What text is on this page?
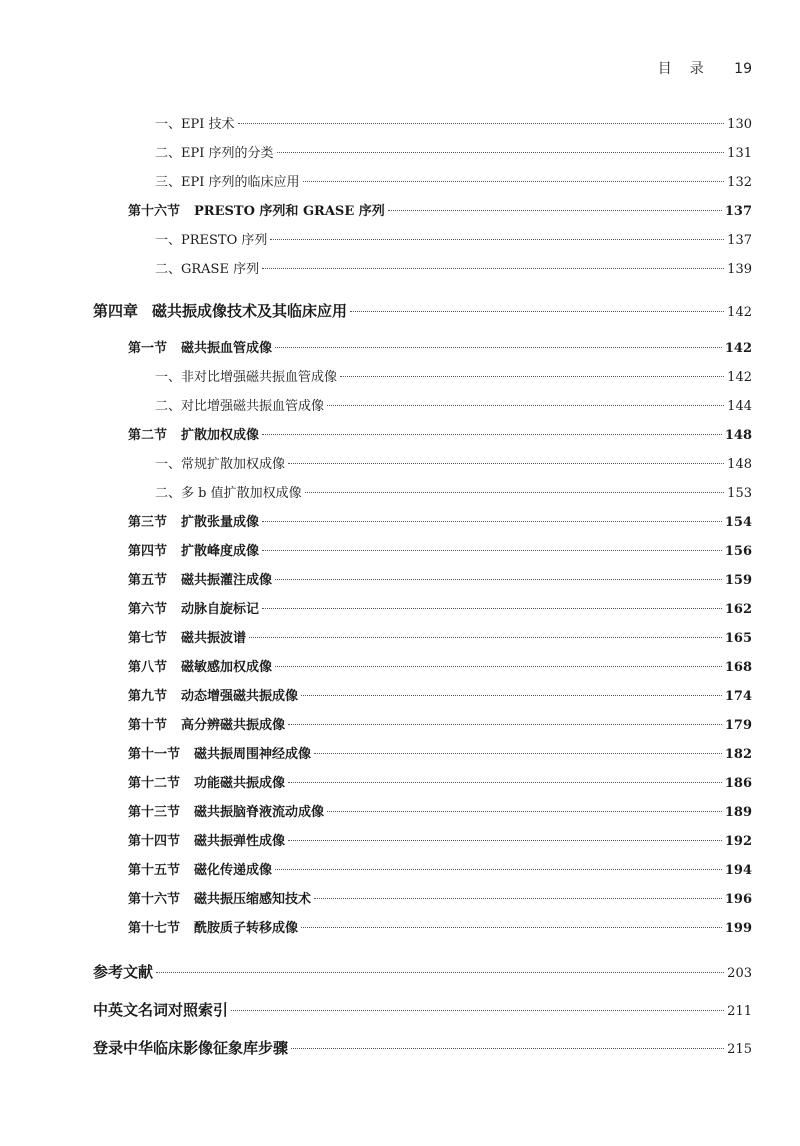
目录 19
一、EPI 技术	130
二、EPI 序列的分类	131
三、EPI 序列的临床应用	132
第十六节 PRESTO 序列和 GRASE 序列	137
一、PRESTO 序列	137
二、GRASE 序列	139
第四章 磁共振成像技术及其临床应用	142
第一节 磁共振血管成像	142
一、非对比增强磁共振血管成像	142
二、对比增强磁共振血管成像	144
第二节 扩散加权成像	148
一、常规扩散加权成像	148
二、多 b 值扩散加权成像	153
第三节 扩散张量成像	154
第四节 扩散峰度成像	156
第五节 磁共振灌注成像	159
第六节 动脉自旋标记	162
第七节 磁共振波谱	165
第八节 磁敏感加权成像	168
第九节 动态增强磁共振成像	174
第十节 高分辨磁共振成像	179
第十一节 磁共振周围神经成像	182
第十二节 功能磁共振成像	186
第十三节 磁共振脑脊液流动成像	189
第十四节 磁共振弹性成像	192
第十五节 磁化传递成像	194
第十六节 磁共振压缩感知技术	196
第十七节 酰胺质子转移成像	199
参考文献	203
中英文名词对照索引	211
登录中华临床影像征象库步骤	215
